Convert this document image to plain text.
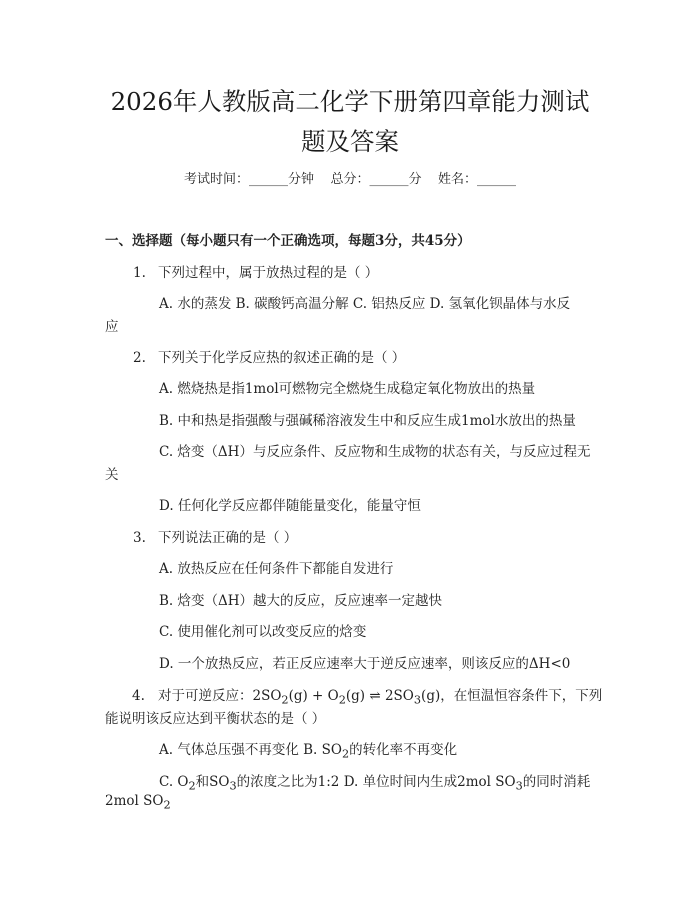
2026年人教版高二化学下册第四章能力测试
题及答案
考试时间：______分钟    总分：______分    姓名：______
一、选择题（每小题只有一个正确选项，每题3分，共45分）
1. 下列过程中，属于放热过程的是（ ）
A. 水的蒸发 B. 碳酸钙高温分解 C. 铝热反应 D. 氢氧化钡晶体与水反
应
2. 下列关于化学反应热的叙述正确的是（ ）
A. 燃烧热是指1mol可燃物完全燃烧生成稳定氧化物放出的热量
B. 中和热是指强酸与强碱稀溶液发生中和反应生成1mol水放出的热量
C. 焓变（ΔH）与反应条件、反应物和生成物的状态有关，与反应过程无
关
D. 任何化学反应都伴随能量变化，能量守恒
3. 下列说法正确的是（ ）
A. 放热反应在任何条件下都能自发进行
B. 焓变（ΔH）越大的反应，反应速率一定越快
C. 使用催化剂可以改变反应的焓变
D. 一个放热反应，若正反应速率大于逆反应速率，则该反应的ΔH<0
4. 对于可逆反应：$2SO_2(g) + O_2(g)$ ⇌ $2SO_3(g)$，在恒温恒容条件下，下列
能说明该反应达到平衡状态的是（ ）
A. 气体总压强不再变化 B. $SO_2$的转化率不再变化
C. $O_2$和$SO_3$的浓度之比为1:2 D. 单位时间内生成2mol $SO_3$的同时消耗
2mol $SO_2$
